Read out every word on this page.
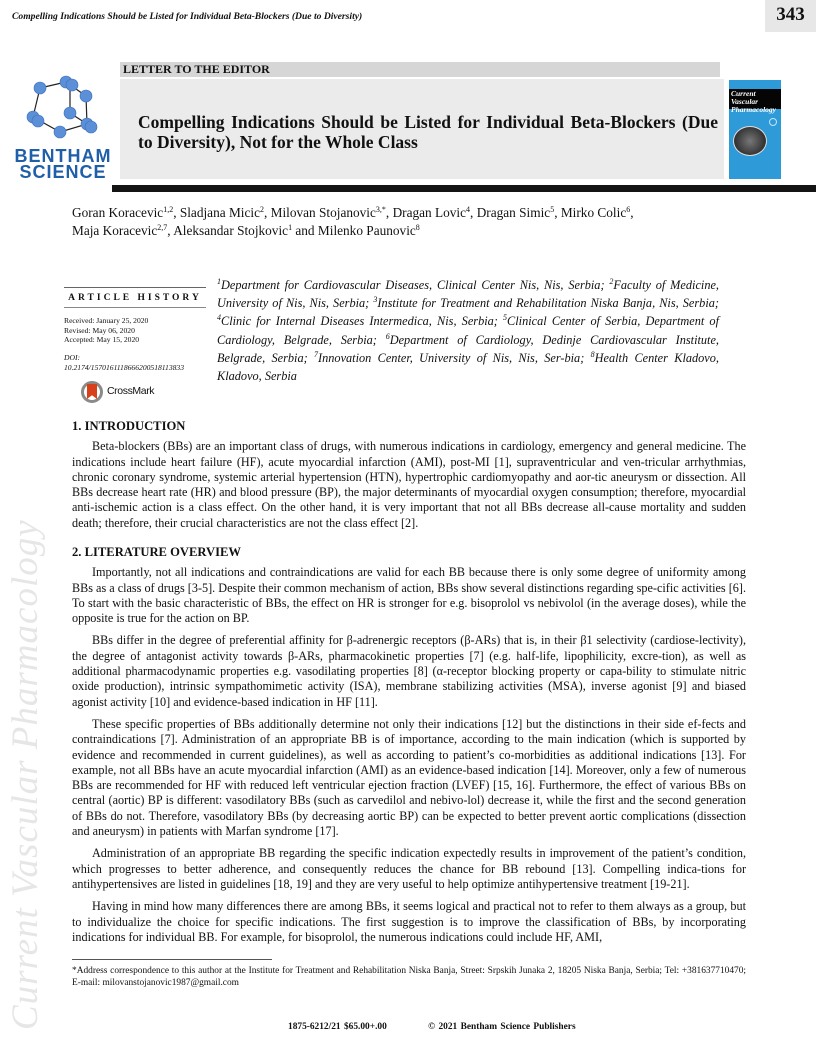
Compelling Indications Should be Listed for Individual Beta-Blockers (Due to Diversity)	343
BENTHAM
SCIENCE
LETTER TO THE EDITOR
Compelling Indications Should be Listed for Individual Beta-Blockers (Due to Diversity), Not for the Whole Class
Current Vascular
Pharmacology
Goran Koracevic$^{1,2}$, Sladjana Micic$^2$, Milovan Stojanovic$^{3,*}$, Dragan Lovic$^4$, Dragan Simic$^5$, Mirko Colic$^6$,
Maja Koracevic$^{2,7}$, Aleksandar Stojkovic$^1$ and Milenko Paunovic$^8$
ARTICLE HISTORY
Received: January 25, 2020
Revised: May 06, 2020
Accepted: May 15, 2020
DOI:
10.2174/1570161118666200518113833
CrossMark
$^1$Department for Cardiovascular Diseases, Clinical Center Nis, Nis, Serbia; $^2$Faculty of Medicine, University of Nis, Nis, Serbia; $^3$Institute for Treatment and Rehabilitation Niska Banja, Nis, Serbia; $^4$Clinic for Internal Diseases Intermedica, Nis, Serbia; $^5$Clinical Center of Serbia, Department of Cardiology, Belgrade, Serbia; $^6$Department of Cardiology, Dedinje Cardiovascular Institute, Belgrade, Serbia; $^7$Innovation Center, University of Nis, Nis, Ser-bia; $^8$Health Center Kladovo, Kladovo, Serbia
1. INTRODUCTION

Beta-blockers (BBs) are an important class of drugs, with numerous indications in cardiology, emergency and general medicine. The indications include heart failure (HF), acute myocardial infarction (AMI), post-MI [1], supraventricular and ven-tricular arrhythmias, chronic coronary syndrome, systemic arterial hypertension (HTN), hypertrophic cardiomyopathy and aor-tic aneurysm or dissection. All BBs decrease heart rate (HR) and blood pressure (BP), the major determinants of myocardial oxygen consumption; therefore, myocardial anti-ischemic action is a class effect. On the other hand, it is very important that not all BBs decrease all-cause mortality and sudden death; therefore, their crucial characteristics are not the class effect [2].

2. LITERATURE OVERVIEW

Importantly, not all indications and contraindications are valid for each BB because there is only some degree of uniformity among BBs as a class of drugs [3-5]. Despite their common mechanism of action, BBs show several distinctions regarding spe-cific activities [6]. To start with the basic characteristic of BBs, the effect on HR is stronger for e.g. bisoprolol vs nebivolol (in the average doses), while the opposite is true for the action on BP.

BBs differ in the degree of preferential affinity for β-adrenergic receptors (β-ARs) that is, in their β1 selectivity (cardiose-lectivity), the degree of antagonist activity towards β-ARs, pharmacokinetic properties [7] (e.g. half-life, lipophilicity, excre-tion), as well as additional pharmacodynamic properties e.g. vasodilating properties [8] (α-receptor blocking property or capa-bility to stimulate nitric oxide production), intrinsic sympathomimetic activity (ISA), membrane stabilizing activities (MSA), inverse agonist [9] and biased agonist activity [10] and evidence-based indication in HF [11].

These specific properties of BBs additionally determine not only their indications [12] but the distinctions in their side ef-fects and contraindications [7]. Administration of an appropriate BB is of importance, according to the main indication (which is supported by evidence and recommended in current guidelines), as well as according to patient’s co-morbidities as additional indications [13]. For example, not all BBs have an acute myocardial infarction (AMI) as an evidence-based indication [14]. Moreover, only a few of numerous BBs are recommended for HF with reduced left ventricular ejection fraction (LVEF) [15, 16]. Furthermore, the effect of various BBs on central (aortic) BP is different: vasodilatory BBs (such as carvedilol and nebivo-lol) decrease it, while the first and the second generation of BBs do not. Therefore, vasodilatory BBs (by decreasing aortic BP) can be expected to better prevent aortic complications (dissection and aneurysm) in patients with Marfan syndrome [17].

Administration of an appropriate BB regarding the specific indication expectedly results in improvement of the patient’s condition, which progresses to better adherence, and consequently reduces the chance for BB rebound [13]. Compelling indica-tions for antihypertensives are listed in guidelines [18, 19] and they are very useful to help optimize antihypertensive treatment [19-21].

Having in mind how many differences there are among BBs, it seems logical and practical not to refer to them always as a group, but to individualize the choice for specific indications. The first suggestion is to improve the classification of BBs, by incorporating indications for individual BB. For example, for bisoprolol, the numerous indications could include HF, AMI,

*Address correspondence to this author at the Institute for Treatment and Rehabilitation Niska Banja, Street: Srpskih Junaka 2, 18205 Niska Banja, Serbia; Tel: +381637710470; E-mail: milovanstojanovic1987@gmail.com
1875-6212/21 $65.00+.00	© 2021 Bentham Science Publishers
Current Vascular Pharmacology
